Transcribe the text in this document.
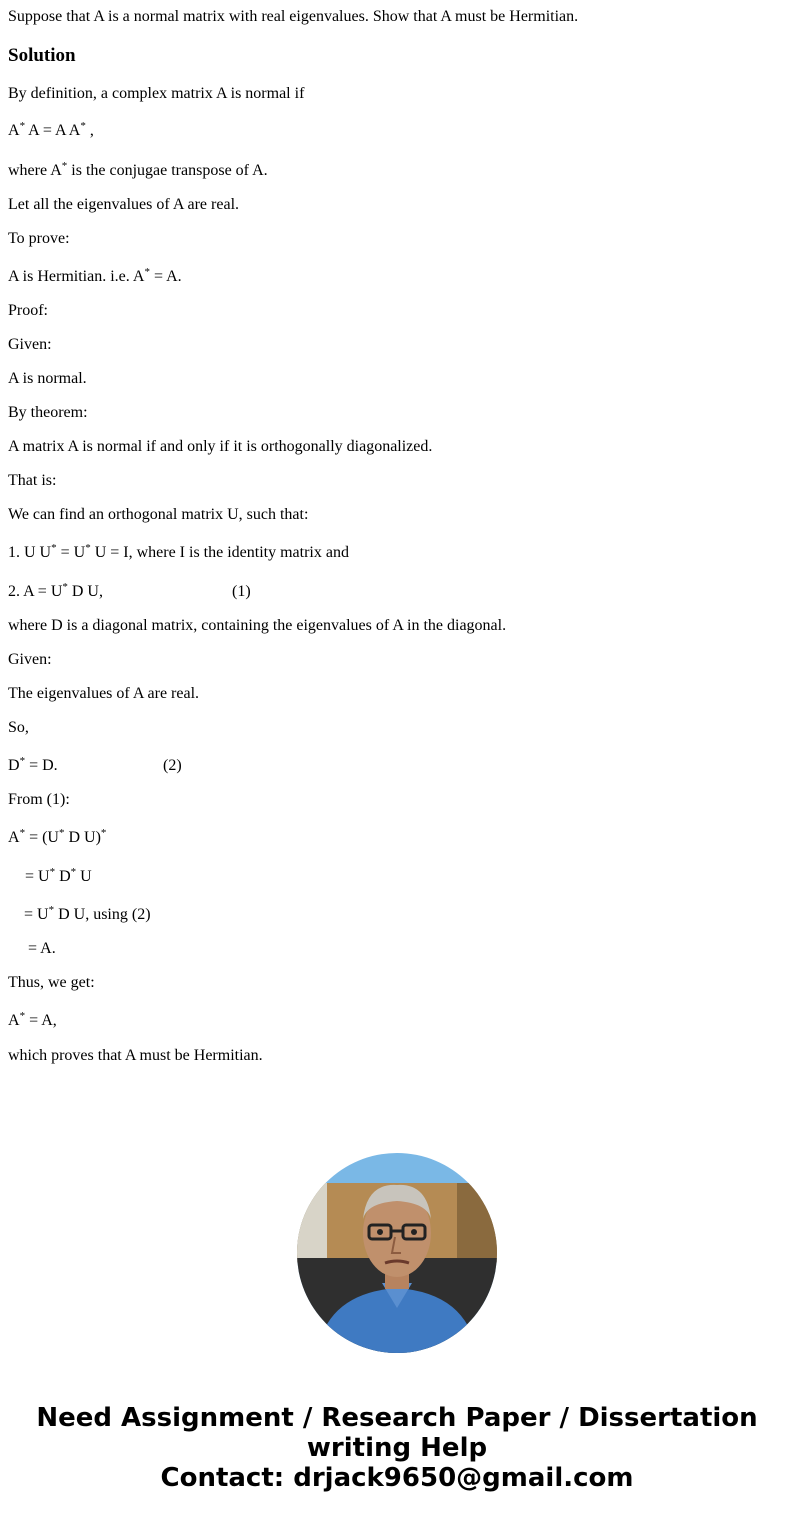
Suppose that A is a normal matrix with real eigenvalues. Show that A must be Hermitian.
Solution
By definition, a complex matrix A is normal if
A* A = A A* ,
where A* is the conjugae transpose of A.
Let all the eigenvalues of A are real.
To prove:
A is Hermitian. i.e. A* = A.
Proof:
Given:
A is normal.
By theorem:
A matrix A is normal if and only if it is orthogonally diagonalized.
That is:
We can find an orthogonal matrix U, such that:
1. U U* = U* U = I, where I is the identity matrix and
2. A = U* D U,	(1)
where D is a diagonal matrix, containing the eigenvalues of A in the diagonal.
Given:
The eigenvalues of A are real.
So,
D* = D.	(2)
From (1):
A* = (U* D U)*
= U* D* U
= U* D U, using (2)
= A.
Thus, we get:
A* = A,
which proves that A must be Hermitian.
Need Assignment / Research Paper / Dissertation
writing Help
Contact: drjack9650@gmail.com
